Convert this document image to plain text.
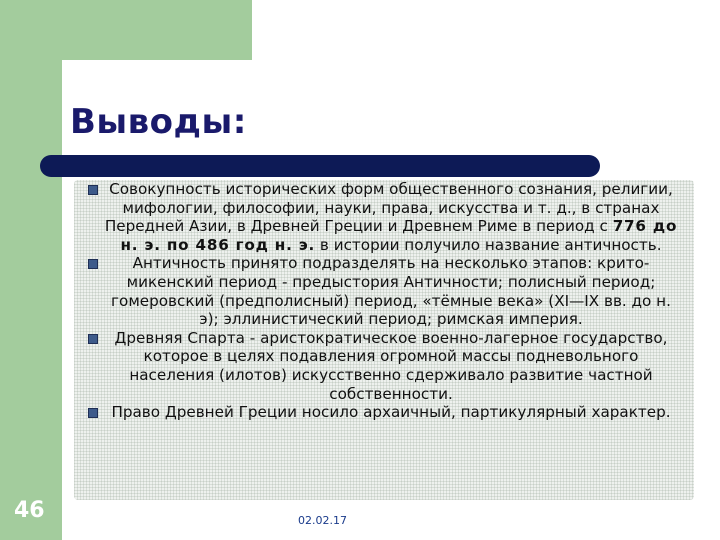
Выводы:
Совокупность исторических форм общественного сознания, религии, мифологии, философии, науки, права, искусства и т. д., в странах Передней Азии, в Древней Греции и Древнем Риме в период с 776 до н. э. по 486 год н. э. в истории получило название античность.
Античность принято подразделять на несколько этапов: крито-микенский период - предыстория Античности; полисный период; гомеровский (предполисный) период, «тёмные века» (XI—IX вв. до н. э); эллинистический период; римская империя.
Древняя Спарта - аристократическое военно-лагерное государство, которое в целях подавления огромной массы подневольного населения (илотов) искусственно сдерживало развитие частной собственности.
Право Древней Греции носило архаичный, партикулярный характер.
46	02.02.17
